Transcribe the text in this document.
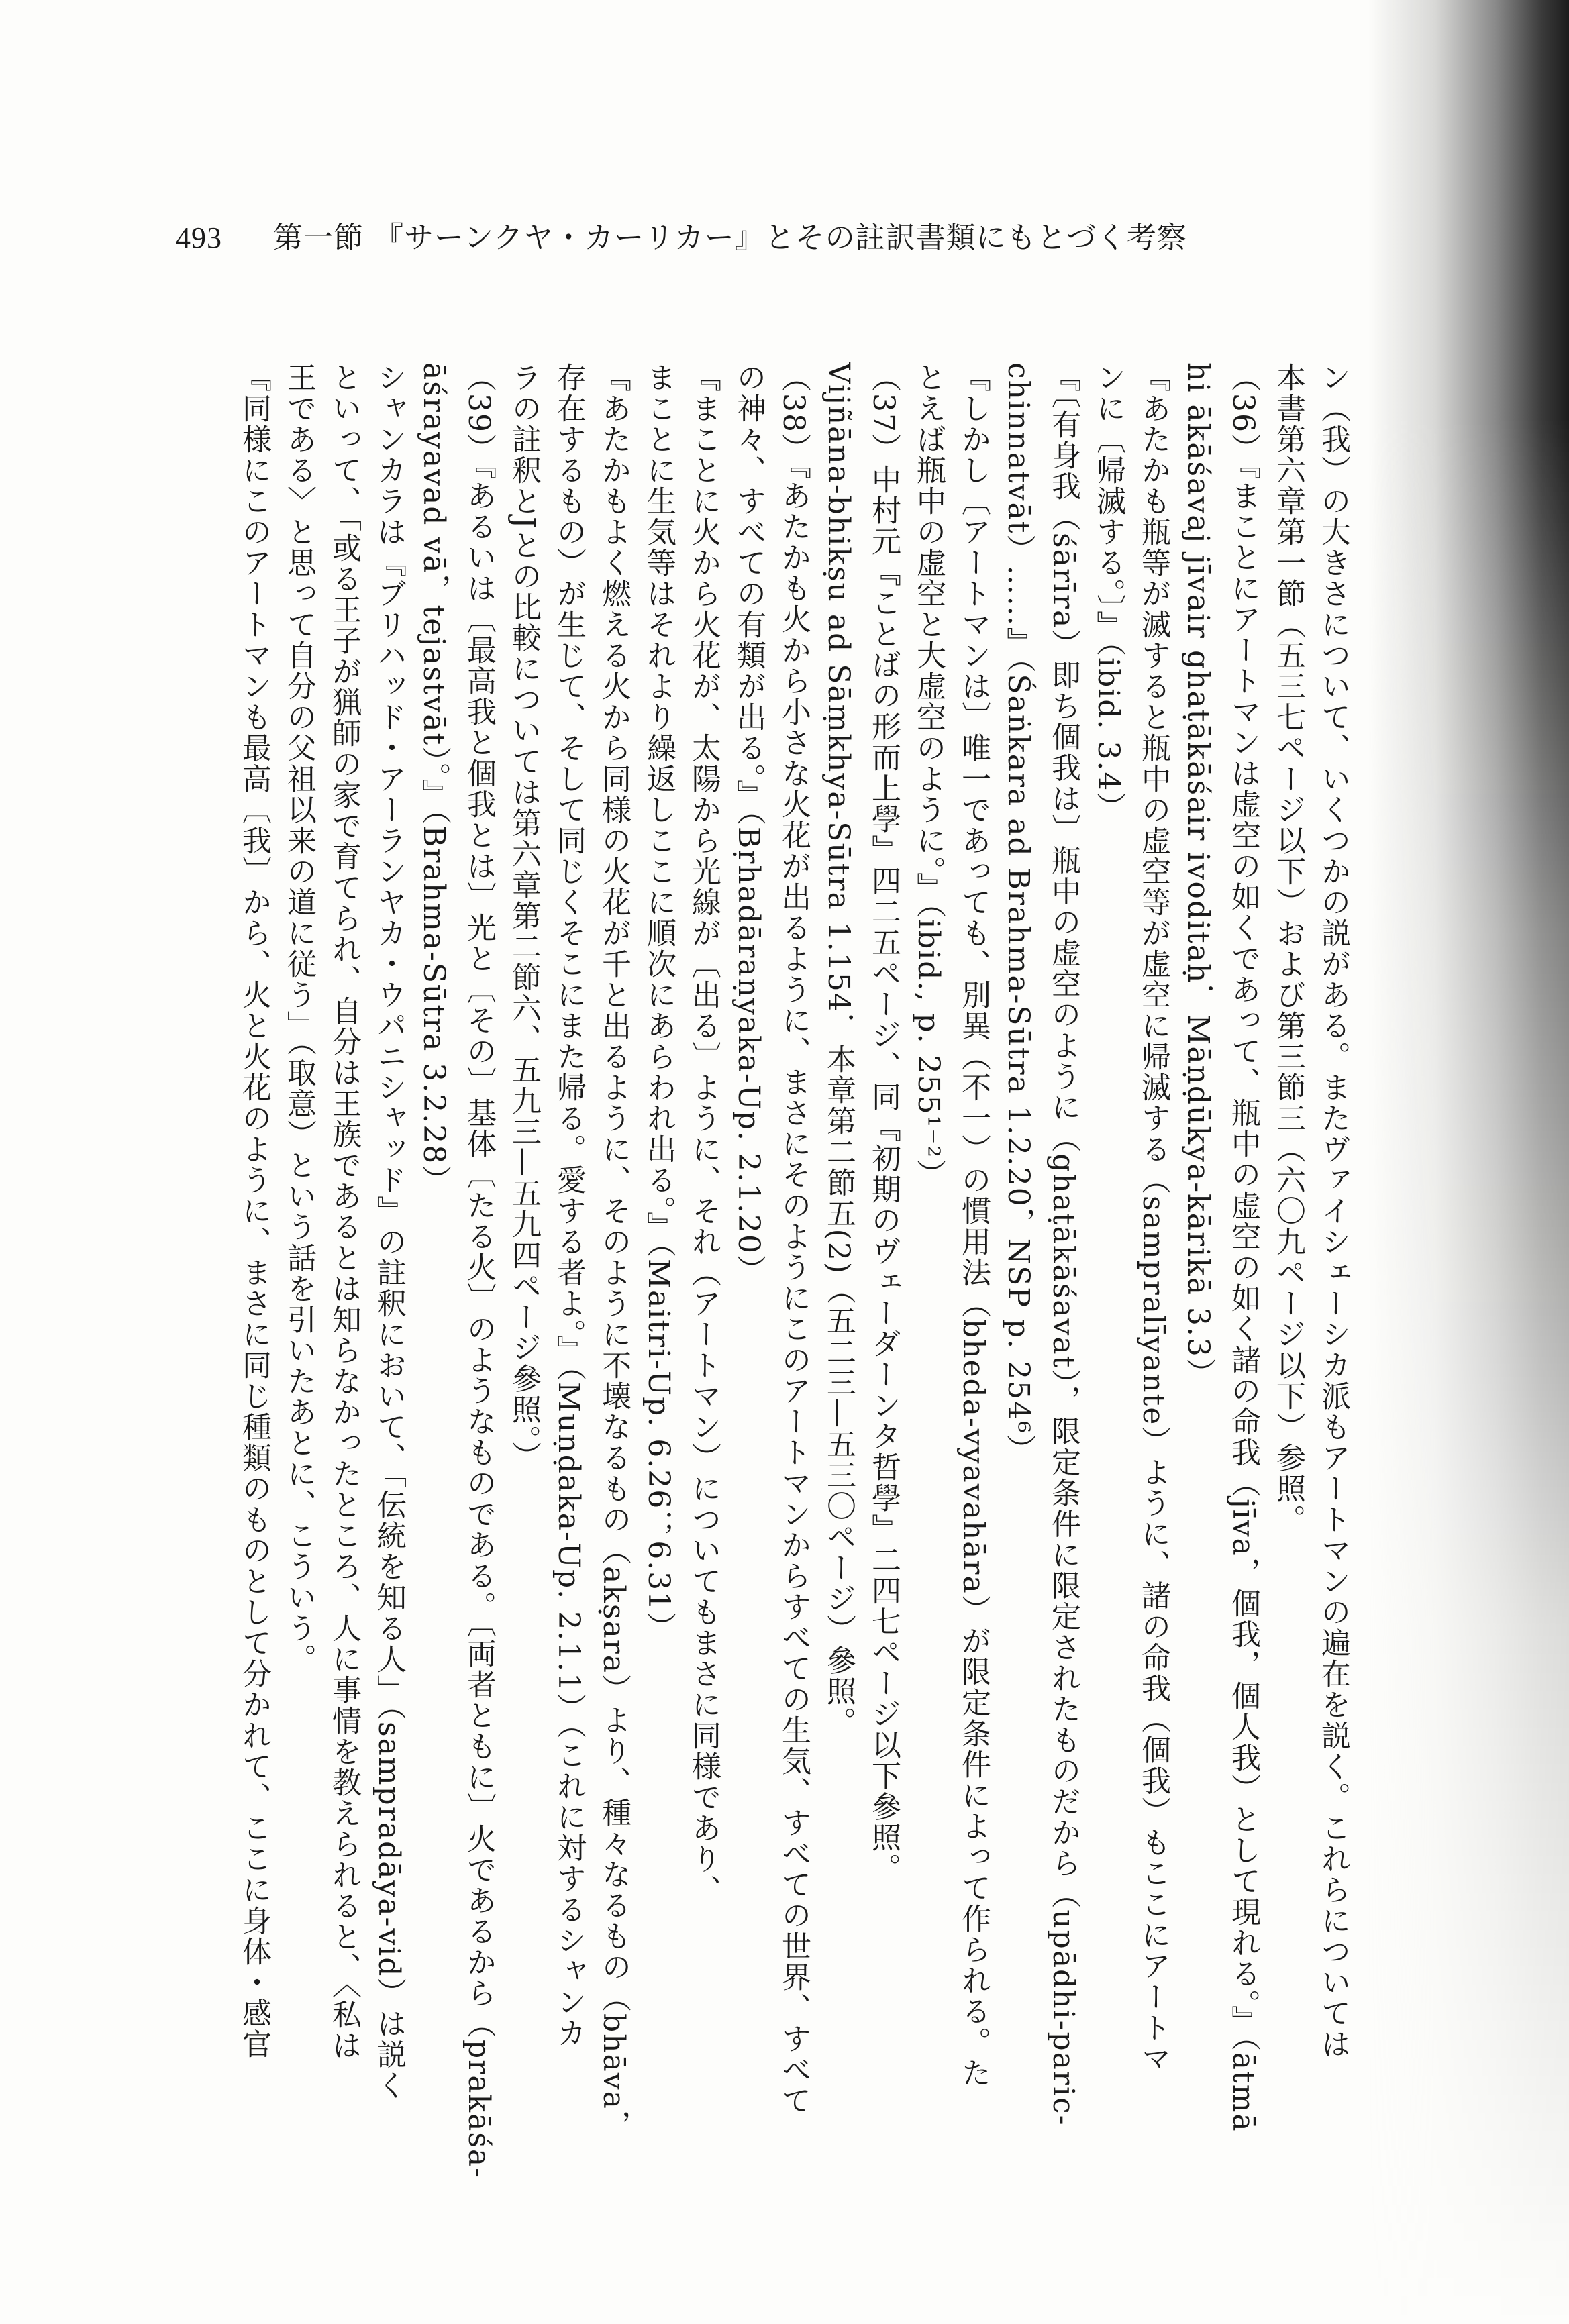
493 第一節 『サーンクヤ・カーリカー』とその註訳書類にもとづく考察
ン（我）の大きさについて、いくつかの説がある。またヴァイシェーシカ派もアートマンの遍在を説く。これらについては
本書第六章第一節（五三七ページ以下）および第三節三（六〇九ページ以下）参照。
（36）『まことにアートマンは虚空の如くであって、瓶中の虚空の如く諸の命我（jīva，個我，個人我）として現れる。』（ātmā
hi ākāśavaj jīvair ghaṭākāśair ivoditaḥ．Māṇḍūkya-kārikā 3.3）
『あたかも瓶等が滅すると瓶中の虚空等が虚空に帰滅する（sampralīyante）ように、諸の命我（個我）もここにアートマ
ンに〔帰滅する。〕』（ibid. 3.4）
『〔有身我（śārīra）即ち個我は〕瓶中の虚空のように（ghaṭākāśavat），限定条件に限定されたものだから（upādhi-paric-
chinnatvāt）……』（Śaṅkara ad Brahma-Sūtra 1.2.20，NSP p. 254⁶）
『しかし〔アートマンは〕唯一であっても、別異（不一）の慣用法（bheda-vyavahāra）が限定条件によって作られる。た
とえば瓶中の虚空と大虚空のように。』（ibid., p. 255¹⁻²）
（37）中村元『ことばの形而上學』四二五ページ、同『初期のヴェーダーンタ哲學』二四七ページ以下參照。
Vijñāna-bhikṣu ad Sāṃkhya-Sūtra 1.154．本章第二節五(2)（五二三—五三〇ページ）參照。
（38）『あたかも火から小さな火花が出るように、まさにそのようにこのアートマンからすべての生気、すべての世界、すべて
の神々、すべての有類が出る。』（Bṛhadāraṇyaka-Up. 2.1.20）
『まことに火から火花が、太陽から光線が〔出る〕ように、それ（アートマン）についてもまさに同様であり、
まことに生気等はそれより繰返しここに順次にあらわれ出る。』（Maitri-Up. 6.26；6.31）
『あたかもよく燃える火から同様の火花が千と出るように、そのように不壊なるもの（akṣara）より、種々なるもの（bhāva，
存在するもの）が生じて、そして同じくそこにまた帰る。愛する者よ。』（Muṇḍaka-Up. 2.1.1）（これに対するシャンカ
ラの註釈とJとの比較については第六章第二節六、五九三—五九四ページ參照。）
（39）『あるいは〔最高我と個我とは〕光と〔その〕基体〔たる火〕のようなものである。〔両者ともに〕火であるから（prakāśa-
āśrayavad vā，tejastvāt）。』（Brahma-Sūtra 3.2.28）
シャンカラは『ブリハッド・アーランヤカ・ウパニシャッド』の註釈において、「伝統を知る人」（sampradāya-vid）は説く
といって、「或る王子が猟師の家で育てられ、自分は王族であるとは知らなかったところ、人に事情を教えられると、〈私は
王である〉と思って自分の父祖以来の道に従う」（取意）という話を引いたあとに、こういう。
『同様にこのアートマンも最高〔我〕から、火と火花のように、まさに同じ種類のものとして分かれて、ここに身体・感官
